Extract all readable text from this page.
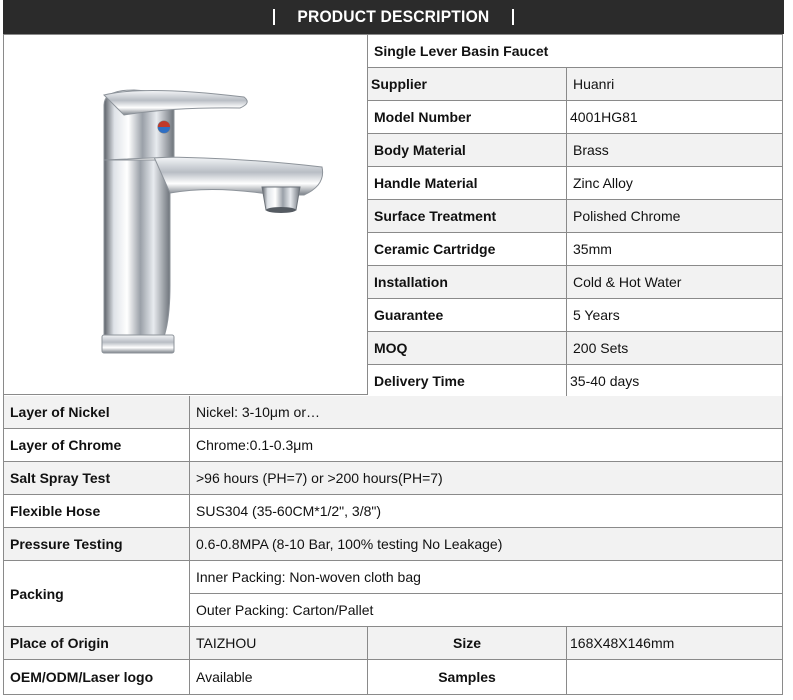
PRODUCT DESCRIPTION
Single Lever Basin Faucet
Supplier	Huanri
Model Number	4001HG81
Body Material	Brass
Handle Material	Zinc Alloy
Surface Treatment	Polished Chrome
Ceramic Cartridge	35mm
Installation	Cold & Hot Water
Guarantee	5 Years
MOQ	200 Sets
Delivery Time	35-40 days
Layer of Nickel	Nickel: 3-10μm or…
Layer of Chrome	Chrome:0.1-0.3μm
Salt Spray Test	>96 hours (PH=7) or >200 hours(PH=7)
Flexible Hose	SUS304 (35-60CM*1/2", 3/8")
Pressure Testing	0.6-0.8MPA (8-10 Bar, 100% testing No Leakage)
Packing
Inner Packing: Non-woven cloth bag
Outer Packing: Carton/Pallet
Place of Origin	TAIZHOU	Size	168X48X146mm
OEM/ODM/Laser logo	Available	Samples
